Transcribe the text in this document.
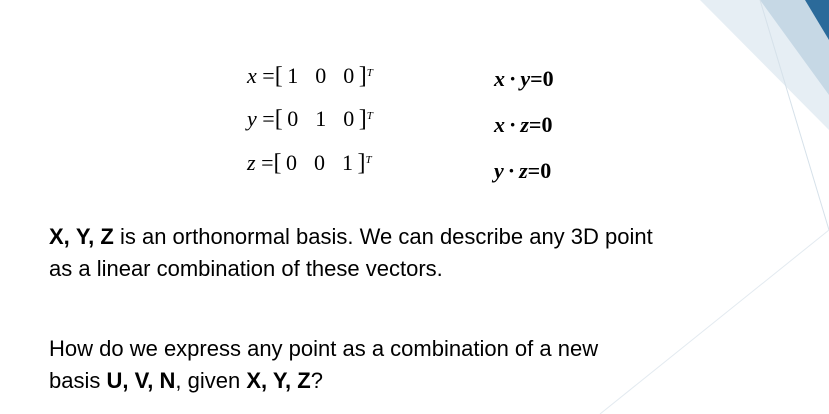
x =[ 1 0 0 ]$^T$
y =[ 0 1 0 ]$^T$
z =[ 0 0 1 ]$^T$
x · y=0
x · z=0
y · z=0
X, Y, Z is an orthonormal basis. We can describe any 3D point
as a linear combination of these vectors.
How do we express any point as a combination of a new
basis U, V, N, given X, Y, Z?
